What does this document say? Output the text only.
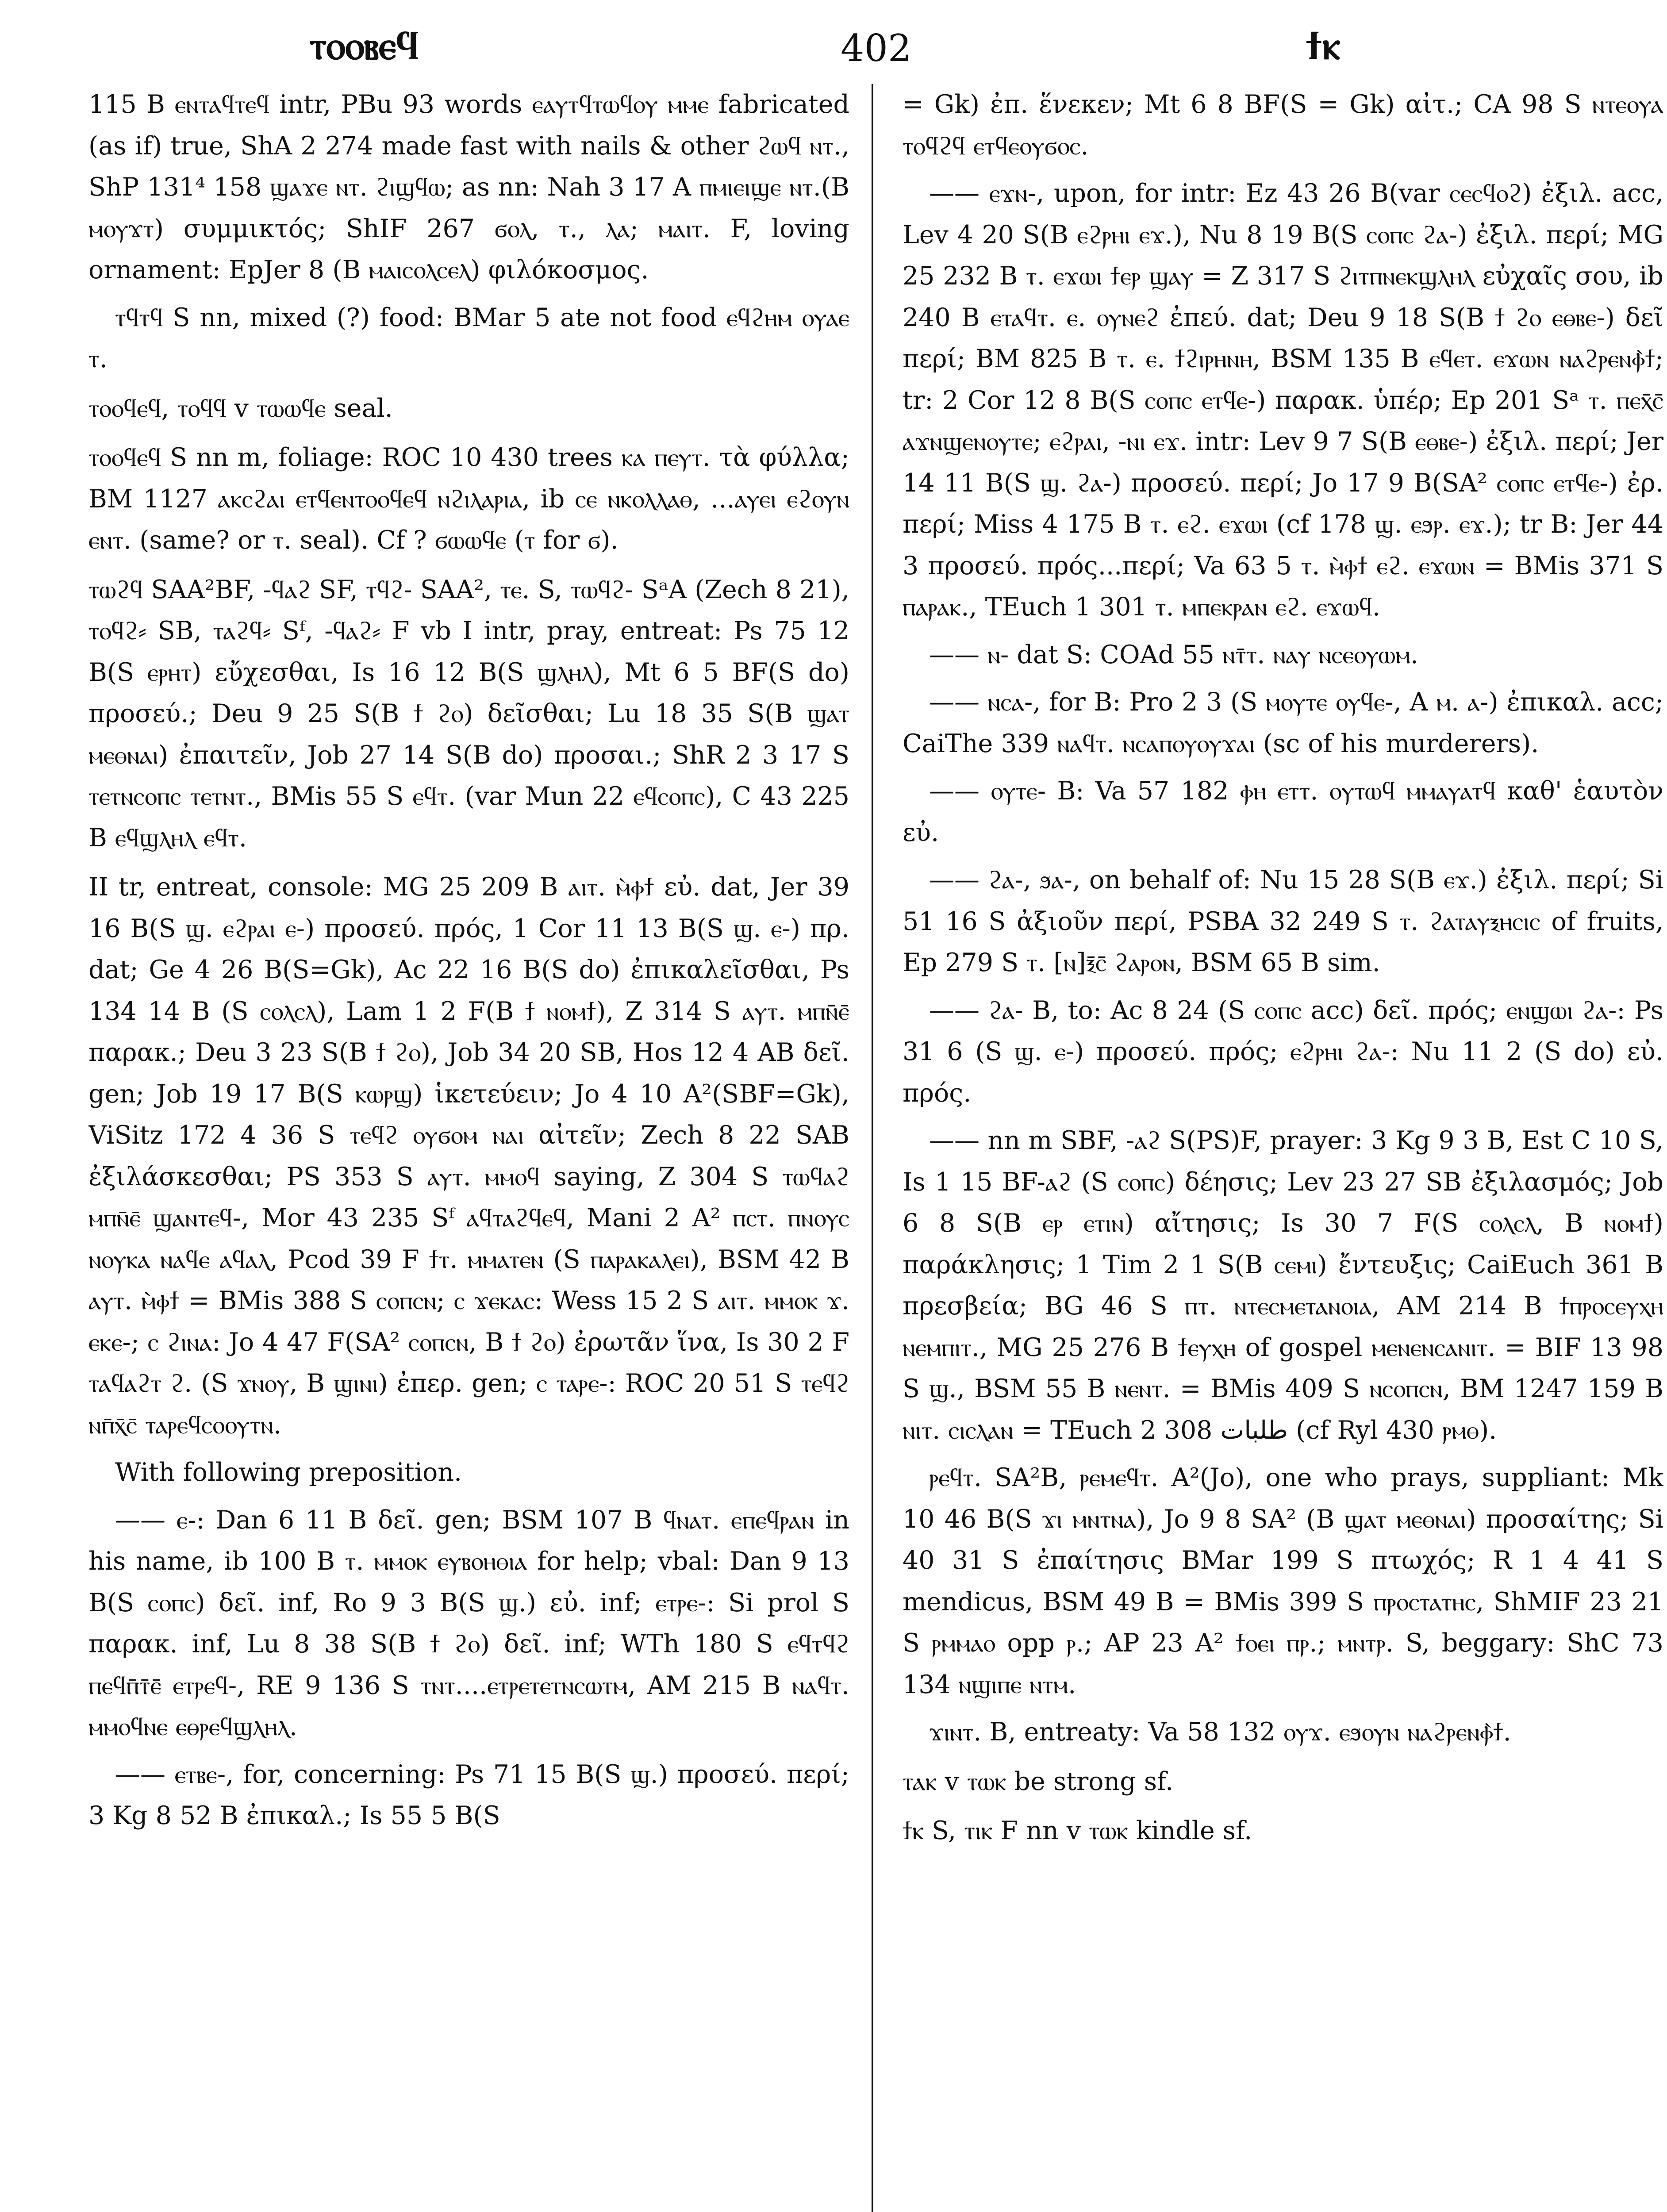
ⲧⲟⲟⲃⲉϥ	402	ϯⲕ

115 B ⲉⲛⲧⲁϥⲧⲉϥ intr, PBu 93 words ⲉⲁⲩⲧϥⲧⲱϥⲟⲩ ⲙⲙⲉ fabricated (as if) true, ShA 2 274 made fast with nails & other ϩⲱϥ ⲛⲧ., ShP 131⁴ 158 ϣⲁϫⲉ ⲛⲧ. ϩⲓϣϥⲱ; as nn: Nah 3 17 A ⲡⲙⲓⲉⲓϣⲉ ⲛⲧ.(B ⲙⲟⲩϫⲧ) συμμικτός; ShIF 267 ϭⲟⲗ, ⲧ., ⲗⲁ; ⲙⲁⲓⲧ. F, loving ornament: EpJer 8 (B ⲙⲁⲓⲥⲟⲗⲥⲉⲗ) φιλόκοσμος.

ⲧϥⲧϥ S nn, mixed (?) food: BMar 5 ate not food ⲉϥϩⲏⲙ ⲟⲩⲁⲉ ⲧ.

ⲧⲟⲟϥⲉϥ, ⲧⲟϥϥ v ⲧⲱⲱϥⲉ seal.

ⲧⲟⲟϥⲉϥ S nn m, foliage: ROC 10 430 trees ⲕⲁ ⲡⲉⲩⲧ. τὰ φύλλα; BM 1127 ⲁⲕⲥϩⲁⲓ ⲉⲧϥⲉⲛⲧⲟⲟϥⲉϥ ⲛϩⲓⲗⲁⲣⲓⲁ, ib ⲥⲉ ⲛⲕⲟⲗⲗⲁⲑ, ...ⲁⲩⲉⲓ ⲉϩⲟⲩⲛ ⲉⲛⲧ. (same? or ⲧ. seal). Cf ? ϭⲱⲱϥⲉ (ⲧ for ϭ).

ⲧⲱϩϥ SAA²BF, -ϥⲁϩ SF, ⲧϥϩ- SAA², ⲧⲉ. S, ⲧⲱϥϩ- SᵃA (Zech 8 21), ⲧⲟϥϩ⸗ SB, ⲧⲁϩϥ⸗ Sᶠ, -ϥⲁϩ⸗ F vb I intr, pray, entreat: Ps 75 12 B(S ⲉⲣⲏⲧ) εὔχεσθαι, Is 16 12 B(S ϣⲗⲏⲗ), Mt 6 5 BF(S do) προσεύ.; Deu 9 25 S(B ϯ ϩⲟ) δεῖσθαι; Lu 18 35 S(B ϣⲁⲧ ⲙⲉⲑⲛⲁⲓ) ἐπαιτεῖν, Job 27 14 S(B do) προσαι.; ShR 2 3 17 S ⲧⲉⲧⲛⲥⲟⲡⲥ ⲧⲉⲧⲛⲧ., BMis 55 S ⲉϥⲧ. (var Mun 22 ⲉϥⲥⲟⲡⲥ), C 43 225 B ⲉϥϣⲗⲏⲗ ⲉϥⲧ.

II tr, entreat, console: MG 25 209 B ⲁⲓⲧ. ⲙ̀ⲫϯ εὐ. dat, Jer 39 16 B(S ϣ. ⲉϩⲣⲁⲓ ⲉ-) προσεύ. πρός, 1 Cor 11 13 B(S ϣ. ⲉ-) πρ. dat; Ge 4 26 B(S=Gk), Ac 22 16 B(S do) ἐπικαλεῖσθαι, Ps 134 14 B (S ⲥⲟⲗⲥⲗ), Lam 1 2 F(B ϯ ⲛⲟⲙϯ), Z 314 S ⲁⲩⲧ. ⲙⲡⲛ̄ⲉ̄ παρακ.; Deu 3 23 S(B ϯ ϩⲟ), Job 34 20 SB, Hos 12 4 AB δεῖ. gen; Job 19 17 B(S ⲕⲱⲣϣ) ἱκετεύειν; Jo 4 10 A²(SBF=Gk), ViSitz 172 4 36 S ⲧⲉϥϩ ⲟⲩϭⲟⲙ ⲛⲁⲓ αἰτεῖν; Zech 8 22 SAB ἐξιλάσκεσθαι; PS 353 S ⲁⲩⲧ. ⲙⲙⲟϥ saying, Z 304 S ⲧⲱϥⲁϩ ⲙⲡⲛ̄ⲉ̄ ϣⲁⲛⲧⲉϥ-, Mor 43 235 Sᶠ ⲁϥⲧⲁϩϥⲉϥ, Mani 2 A² ⲡⲥⲧ. ⲡⲛⲟⲩⲥ ⲛⲟⲩⲕⲁ ⲛⲁϥⲉ ⲁϥⲁⲗ, Pcod 39 F ϯⲧ. ⲙⲙⲁⲧⲉⲛ (S ⲡⲁⲣⲁⲕⲁⲗⲉⲓ), BSM 42 B ⲁⲩⲧ. ⲙ̀ⲫϯ = BMis 388 S ⲥⲟⲡⲥⲛ; ⲥ ϫⲉⲕⲁⲥ: Wess 15 2 S ⲁⲓⲧ. ⲙⲙⲟⲕ ϫ. ⲉⲕⲉ-; ⲥ ϩⲓⲛⲁ: Jo 4 47 F(SA² ⲥⲟⲡⲥⲛ, B ϯ ϩⲟ) ἐρωτᾶν ἵνα, Is 30 2 F ⲧⲁϥⲁϩⲧ ϩ. (S ϫⲛⲟⲩ, B ϣⲓⲛⲓ) ἐπερ. gen; ⲥ ⲧⲁⲣⲉ-: ROC 20 51 S ⲧⲉϥϩ ⲛⲡ̄ⲭ̄ⲥ̄ ⲧⲁⲣⲉϥⲥⲟⲟⲩⲧⲛ.

With following preposition.

—— ⲉ-: Dan 6 11 B δεῖ. gen; BSM 107 B ϥⲛⲁⲧ. ⲉⲡⲉϥⲣⲁⲛ in his name, ib 100 B ⲧ. ⲙⲙⲟⲕ ⲉⲩⲃⲟⲏⲑⲓⲁ for help; vbal: Dan 9 13 B(S ⲥⲟⲡⲥ) δεῖ. inf, Ro 9 3 B(S ϣ.) εὐ. inf; ⲉⲧⲣⲉ-: Si prol S παρακ. inf, Lu 8 38 S(B ϯ ϩⲟ) δεῖ. inf; WTh 180 S ⲉϥⲧϥϩ ⲡⲉϥⲡ̄ⲧ̄ⲉ̄ ⲉⲧⲣⲉϥ-, RE 9 136 S ⲧⲛⲧ....ⲉⲧⲣⲉⲧⲉⲧⲛⲥⲱⲧⲙ, AM 215 B ⲛⲁϥⲧ. ⲙⲙⲟϥⲛⲉ ⲉⲑⲣⲉϥϣⲗⲏⲗ.

—— ⲉⲧⲃⲉ-, for, concerning: Ps 71 15 B(S ϣ.) προσεύ. περί; 3 Kg 8 52 B ἐπικαλ.; Is 55 5 B(S

= Gk) ἐπ. ἕνεκεν; Mt 6 8 BF(S = Gk) αἰτ.; CA 98 S ⲛⲧⲉⲟⲩⲁ ⲧⲟϥϩϥ ⲉⲧϥⲉⲟⲩϭⲟⲥ.

—— ⲉϫⲛ-, upon, for intr: Ez 43 26 B(var ⲥⲉⲥϥⲟϩ) ἐξιλ. acc, Lev 4 20 S(B ⲉϩⲣⲏⲓ ⲉϫ.), Nu 8 19 B(S ⲥⲟⲡⲥ ϩⲁ-) ἐξιλ. περί; MG 25 232 B ⲧ. ⲉϫⲱⲓ ϯⲉⲣ ϣⲁⲩ = Z 317 S ϩⲓⲧⲡⲛⲉⲕϣⲗⲏⲗ εὐχαῖς σου, ib 240 B ⲉⲧⲁϥⲧ. ⲉ. ⲟⲩⲛⲉϩ ἐπεύ. dat; Deu 9 18 S(B ϯ ϩⲟ ⲉⲑⲃⲉ-) δεῖ περί; BM 825 B ⲧ. ⲉ. ϯϩⲓⲣⲏⲛⲏ, BSM 135 B ⲉϥⲉⲧ. ⲉϫⲱⲛ ⲛⲁϩⲣⲉⲛⲫ̀ϯ; tr: 2 Cor 12 8 B(S ⲥⲟⲡⲥ ⲉⲧϥⲉ-) παρακ. ὑπέρ; Ep 201 Sᵃ ⲧ. ⲡⲉⲭ̄ⲥ̄ ⲁϫⲛϣⲉⲛⲟⲩⲧⲉ; ⲉϩⲣⲁⲓ, -ⲛⲓ ⲉϫ. intr: Lev 9 7 S(B ⲉⲑⲃⲉ-) ἐξιλ. περί; Jer 14 11 B(S ϣ. ϩⲁ-) προσεύ. περί; Jo 17 9 B(SA² ⲥⲟⲡⲥ ⲉⲧϥⲉ-) ἐρ. περί; Miss 4 175 B ⲧ. ⲉϩ. ⲉϫⲱⲓ (cf 178 ϣ. ⲉϧⲣ. ⲉϫ.); tr B: Jer 44 3 προσεύ. πρός...περί; Va 63 5 ⲧ. ⲙ̀ⲫϯ ⲉϩ. ⲉϫⲱⲛ = BMis 371 S ⲡⲁⲣⲁⲕ., TEuch 1 301 ⲧ. ⲙⲡⲉⲕⲣⲁⲛ ⲉϩ. ⲉϫⲱϥ.

—— ⲛ- dat S: COAd 55 ⲛⲧ̄ⲧ. ⲛⲁⲩ ⲛⲥⲉⲟⲩⲱⲙ.

—— ⲛⲥⲁ-, for B: Pro 2 3 (S ⲙⲟⲩⲧⲉ ⲟⲩϥⲉ-, A ⲙ. ⲁ-) ἐπικαλ. acc; CaiThe 339 ⲛⲁϥⲧ. ⲛⲥⲁⲡⲟⲩⲟⲩϫⲁⲓ (sc of his murderers).

—— ⲟⲩⲧⲉ- B: Va 57 182 ⲫⲏ ⲉⲧⲧ. ⲟⲩⲧⲱϥ ⲙⲙⲁⲩⲁⲧϥ καθ' ἑαυτὸν εὐ.

—— ϩⲁ-, ϧⲁ-, on behalf of: Nu 15 28 S(B ⲉϫ.) ἐξιλ. περί; Si 51 16 S ἀξιοῦν περί, PSBA 32 249 S ⲧ. ϩⲁⲧⲁⲩⲝⲏⲥⲓⲥ of fruits, Ep 279 S ⲧ. [ⲛ]ⲝ̄ⲥ̄ ϩⲁⲣⲟⲛ, BSM 65 B sim.

—— ϩⲁ- B, to: Ac 8 24 (S ⲥⲟⲡⲥ acc) δεῖ. πρός; ⲉⲛϣⲱⲓ ϩⲁ-: Ps 31 6 (S ϣ. ⲉ-) προσεύ. πρός; ⲉϩⲣⲏⲓ ϩⲁ-: Nu 11 2 (S do) εὐ. πρός.

—— nn m SBF, -ⲁϩ S(PS)F, prayer: 3 Kg 9 3 B, Est C 10 S, Is 1 15 BF-ⲁϩ (S ⲥⲟⲡⲥ) δέησις; Lev 23 27 SB ἐξιλασμός; Job 6 8 S(B ⲉⲣ ⲉⲧⲓⲛ) αἴτησις; Is 30 7 F(S ⲥⲟⲗⲥⲗ, B ⲛⲟⲙϯ) παράκλησις; 1 Tim 2 1 S(B ⲥⲉⲙⲓ) ἔντευξις; CaiEuch 361 B πρεσβεία; BG 46 S ⲡⲧ. ⲛⲧⲉⲥⲙⲉⲧⲁⲛⲟⲓⲁ, AM 214 B ϯⲡⲣⲟⲥⲉⲩⲭⲏ ⲛⲉⲙⲡⲓⲧ., MG 25 276 B ϯⲉⲩⲭⲏ of gospel ⲙⲉⲛⲉⲛⲥⲁⲛⲓⲧ. = BIF 13 98 S ϣ., BSM 55 B ⲛⲉⲛⲧ. = BMis 409 S ⲛⲥⲟⲡⲥⲛ, BM 1247 159 B ⲛⲓⲧ. ⲥⲓⲥⲗⲁⲛ = TEuch 2 308 ﻃﻠﺒﺎﺕ (cf Ryl 430 ⲣⲙⲑ).

ⲣⲉϥⲧ. SA²B, ⲣⲉⲙⲉϥⲧ. A²(Jo), one who prays, suppliant: Mk 10 46 B(S ϫⲓ ⲙⲛⲧⲛⲁ), Jo 9 8 SA² (B ϣⲁⲧ ⲙⲉⲑⲛⲁⲓ) προσαίτης; Si 40 31 S ἐπαίτησις BMar 199 S πτωχός; R 1 4 41 S mendicus, BSM 49 B = BMis 399 S ⲡⲣⲟⲥⲧⲁⲧⲏⲥ, ShMIF 23 21 S ⲣⲙⲙⲁⲟ opp ⲣ.; AP 23 A² ϯⲟⲉⲓ ⲡⲣ.; ⲙⲛⲧⲣ. S, beggary: ShC 73 134 ⲛϣⲓⲡⲉ ⲛⲧⲙ.

ϫⲓⲛⲧ. B, entreaty: Va 58 132 ⲟⲩϫ. ⲉϧⲟⲩⲛ ⲛⲁϩⲣⲉⲛⲫ̀ϯ.

ⲧⲁⲕ v ⲧⲱⲕ be strong sf.

ϯⲕ S, ⲧⲓⲕ F nn v ⲧⲱⲕ kindle sf.
